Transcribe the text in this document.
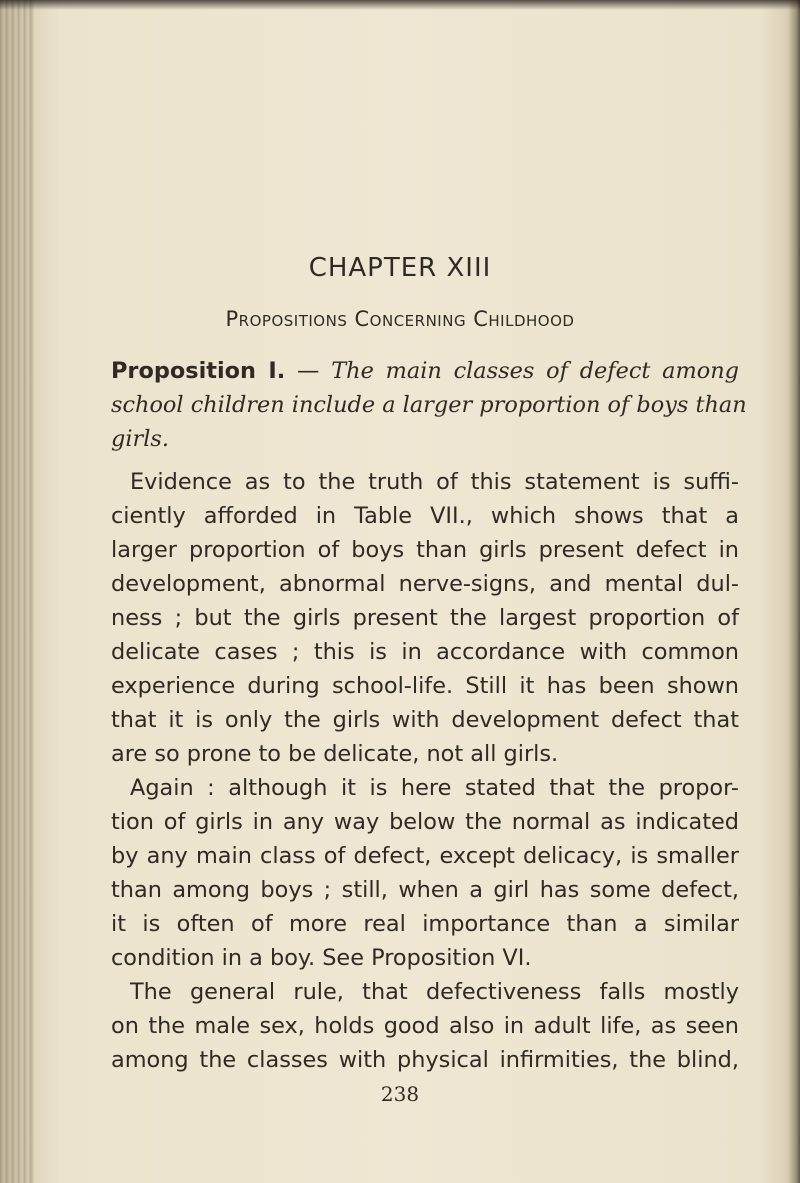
CHAPTER XIII
Propositions Concerning Childhood
Proposition I. — The main classes of defect among
school children include a larger proportion of boys than
girls.
Evidence as to the truth of this statement is suffi-
ciently afforded in Table VII., which shows that a
larger proportion of boys than girls present defect in
development, abnormal nerve-signs, and mental dul-
ness ; but the girls present the largest proportion of
delicate cases ; this is in accordance with common
experience during school-life. Still it has been shown
that it is only the girls with development defect that
are so prone to be delicate, not all girls.
Again : although it is here stated that the propor-
tion of girls in any way below the normal as indicated
by any main class of defect, except delicacy, is smaller
than among boys ; still, when a girl has some defect,
it is often of more real importance than a similar
condition in a boy. See Proposition VI.
The general rule, that defectiveness falls mostly
on the male sex, holds good also in adult life, as seen
among the classes with physical infirmities, the blind,
238
